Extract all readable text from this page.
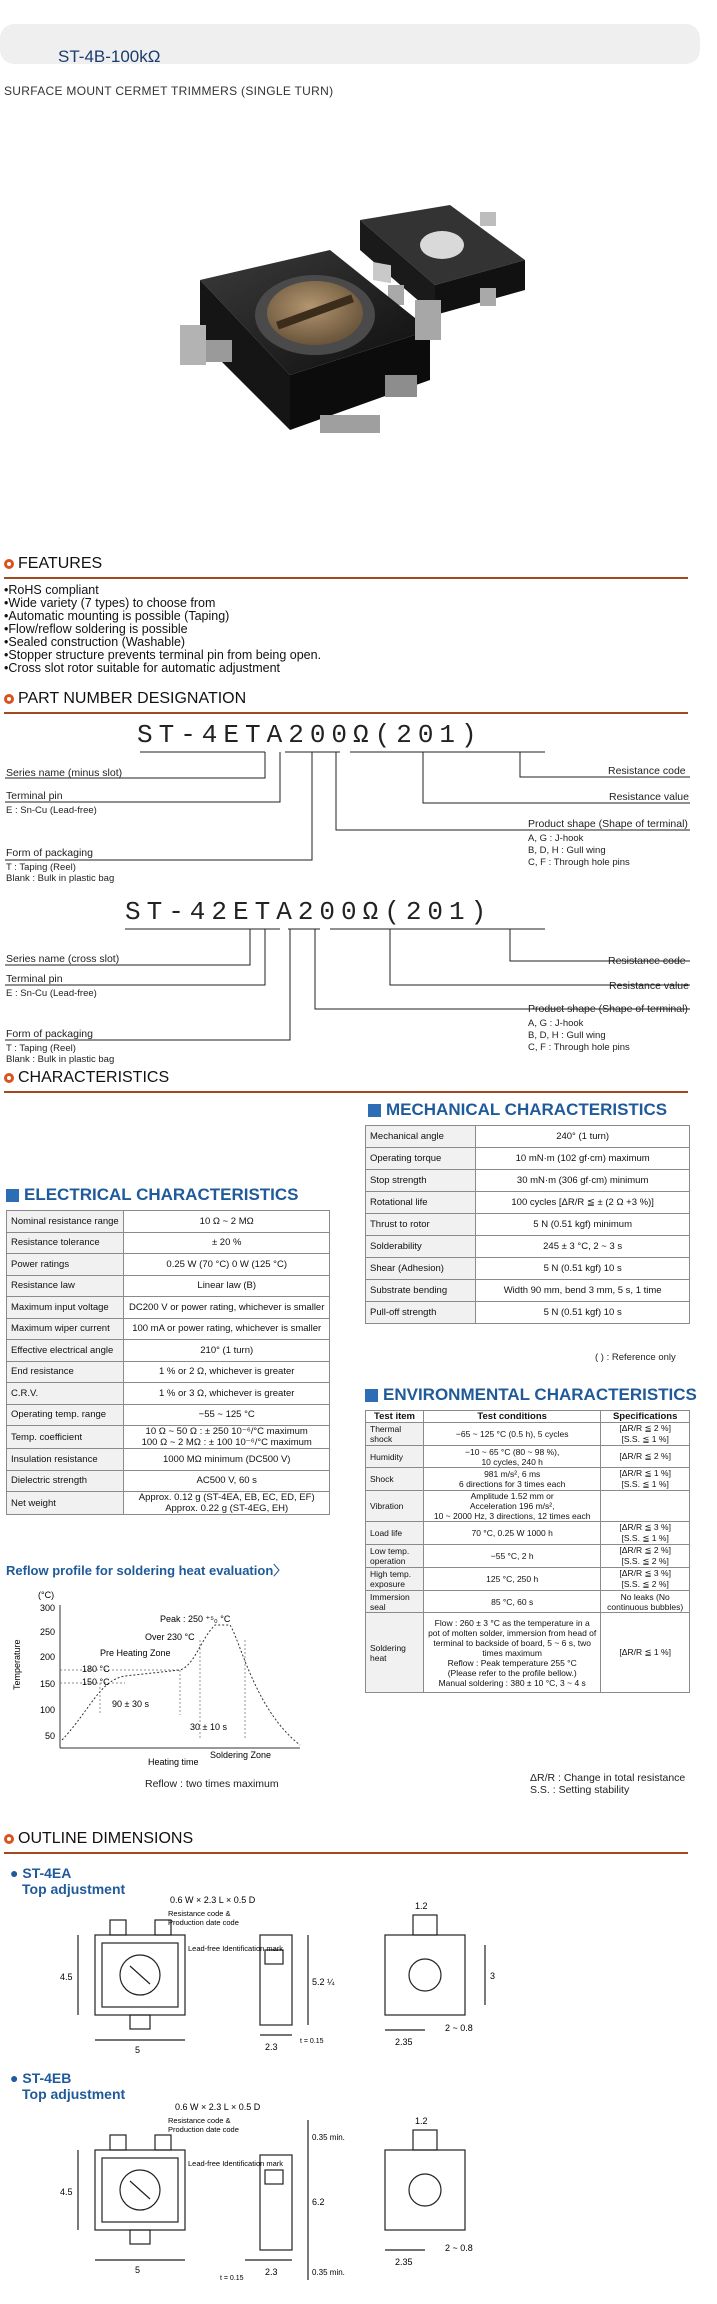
ST-4B-100kΩ
SURFACE MOUNT CERMET TRIMMERS (SINGLE TURN)
FEATURES
• RoHS compliant
• Wide variety (7 types) to choose from
• Automatic mounting is possible (Taping)
• Flow/reflow soldering is possible
• Sealed construction (Washable)
• Stopper structure prevents terminal pin from being open.
• Cross slot rotor suitable for automatic adjustment
PART NUMBER DESIGNATION
ST-4ETA200Ω(201)
Series name (minus slot)
Terminal pin
E : Sn-Cu (Lead-free)
Form of packaging
T : Taping (Reel)
Blank : Bulk in plastic bag
Resistance code
Resistance value
Product shape (Shape of terminal)
A, G : J-hook
B, D, H : Gull wing
C, F : Through hole pins
ST-42ETA200Ω(201)
Series name (cross slot)
Terminal pin
E : Sn-Cu (Lead-free)
Form of packaging
T : Taping (Reel)
Blank : Bulk in plastic bag
Resistance code
Resistance value
Product shape (Shape of terminal)
A, G : J-hook
B, D, H : Gull wing
C, F : Through hole pins
CHARACTERISTICS
MECHANICAL CHARACTERISTICS
Mechanical angle	240° (1 turn)
Operating torque	10 mN·m (102 gf·cm) maximum
Stop strength	30 mN·m (306 gf·cm) minimum
Rotational life	100 cycles [ΔR/R ≦ ± (2 Ω +3 %)]
Thrust to rotor	5 N (0.51 kgf) minimum
Solderability	245 ± 3 °C, 2 ~ 3 s
Shear (Adhesion)	5 N (0.51 kgf) 10 s
Substrate bending	Width 90 mm, bend 3 mm, 5 s, 1 time
Pull-off strength	5 N (0.51 kgf) 10 s
( ) : Reference only
ELECTRICAL CHARACTERISTICS
Nominal resistance range	10 Ω ~ 2 MΩ
Resistance tolerance	± 20 %
Power ratings	0.25 W (70 °C) 0 W (125 °C)
Resistance law	Linear law (B)
Maximum input voltage	DC200 V or power rating, whichever is smaller
Maximum wiper current	100 mA or power rating, whichever is smaller
Effective electrical angle	210° (1 turn)
End resistance	1 % or 2 Ω, whichever is greater
C.R.V.	1 % or 3 Ω, whichever is greater
Operating temp. range	−55 ~ 125 °C
Temp. coefficient	10 Ω ~ 50 Ω : ± 250 10⁻⁶/°C maximum
100 Ω ~ 2 MΩ : ± 100 10⁻⁶/°C maximum
Insulation resistance	1000 MΩ minimum (DC500 V)
Dielectric strength	AC500 V, 60 s
Net weight	Approx. 0.12 g (ST-4EA, EB, EC, ED, EF)
Approx. 0.22 g (ST-4EG, EH)
ENVIRONMENTAL CHARACTERISTICS
Test item	Test conditions	Specifications
Thermal shock	−65 ~ 125 °C (0.5 h), 5 cycles	[ΔR/R ≦ 2 %]
[S.S. ≦ 1 %]
Humidity	−10 ~ 65 °C (80 ~ 98 %),
10 cycles, 240 h	[ΔR/R ≦ 2 %]
Shock	981 m/s², 6 ms
6 directions for 3 times each	[ΔR/R ≦ 1 %]
[S.S. ≦ 1 %]
Vibration	Amplitude 1.52 mm or
Acceleration 196 m/s²,
10 ~ 2000 Hz, 3 directions, 12 times each	
Load life	70 °C, 0.25 W 1000 h	[ΔR/R ≦ 3 %]
[S.S. ≦ 1 %]
Low temp. operation	−55 °C, 2 h	[ΔR/R ≦ 2 %]
[S.S. ≦ 2 %]
High temp. exposure	125 °C, 250 h	[ΔR/R ≦ 3 %]
[S.S. ≦ 2 %]
Immersion seal	85 °C, 60 s	No leaks (No continuous bubbles)
Soldering heat	Flow : 260 ± 3 °C as the temperature in a pot of molten solder, immersion from head of terminal to backside of board, 5 ~ 6 s, two times maximum
Reflow : Peak temperature 255 °C
(Please refer to the profile bellow.)
Manual soldering : 380 ± 10 °C, 3 ~ 4 s	[ΔR/R ≦ 1 %]
ΔR/R : Change in total resistance
S.S. : Setting stability
Reflow profile for soldering heat evaluation〉
(°C)
Temperature
300
250
200
150
100
50
Peak : 250 ⁺⁵₀ °C
Over 230 °C
Pre Heating Zone
180 °C
150 °C
90 ± 30 s
30 ± 10 s
Heating time
Soldering Zone
Reflow : two times maximum
OUTLINE DIMENSIONS
● ST-4EA
Top adjustment
0.6 W × 2.3 L × 0.5 D
Resistance code &
Production date code
Lead-free Identification mark
4.5
5
5.2 ¼
2.3
t = 0.15
1.2
3
2.35
2 ~ 0.8
● ST-4EB
Top adjustment
0.6 W × 2.3 L × 0.5 D
Resistance code &
Production date code
Lead-free Identification mark
4.5
5
6.2
2.3
t = 0.15
0.35 min.
0.35 min.
1.2
2.35
2 ~ 0.8
